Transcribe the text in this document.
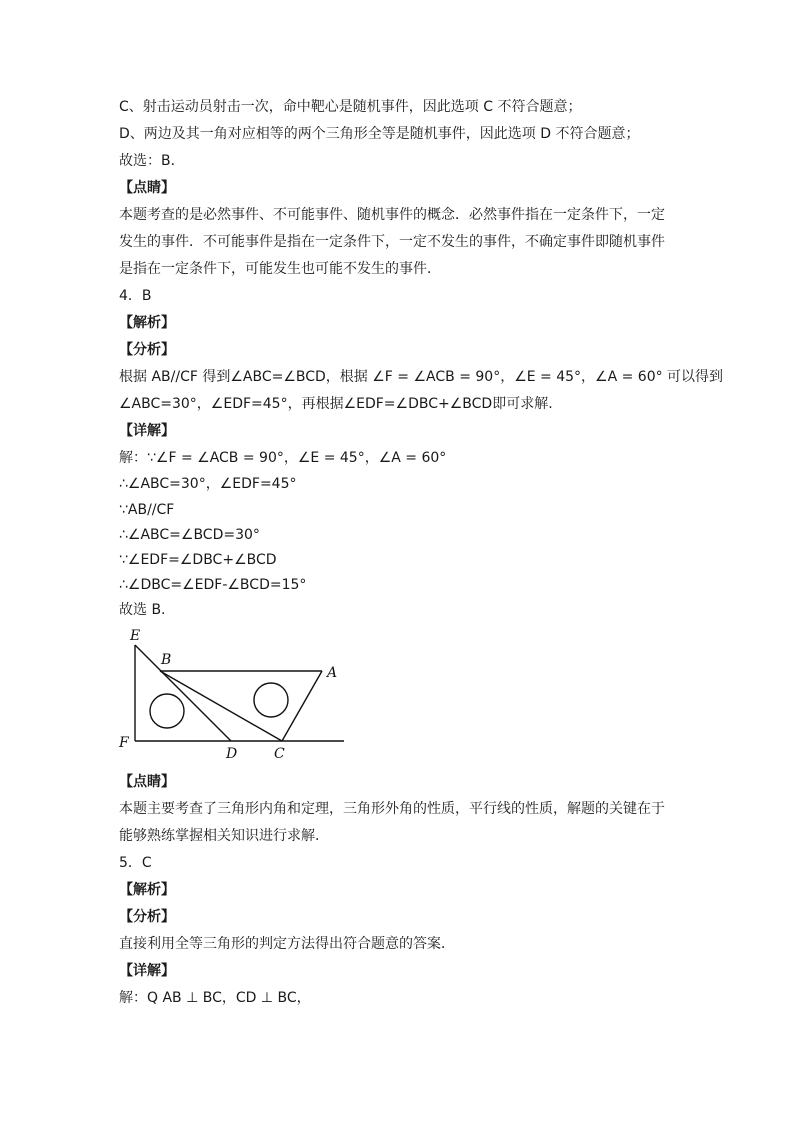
C、射击运动员射击一次，命中靶心是随机事件，因此选项 C 不符合题意；
D、两边及其一角对应相等的两个三角形全等是随机事件，因此选项 D 不符合题意；
故选：B．
【点睛】
本题考查的是必然事件、不可能事件、随机事件的概念．必然事件指在一定条件下，一定
发生的事件．不可能事件是指在一定条件下，一定不发生的事件，不确定事件即随机事件
是指在一定条件下，可能发生也可能不发生的事件．
4．B
【解析】
【分析】
根据 AB//CF 得到∠ABC=∠BCD，根据 ∠F = ∠ACB = 90°，∠E = 45°，∠A = 60° 可以得到
∠ABC=30°，∠EDF=45°，再根据∠EDF=∠DBC+∠BCD即可求解.
【详解】
解：∵∠F = ∠ACB = 90°，∠E = 45°，∠A = 60°
∴∠ABC=30°，∠EDF=45°
∵AB//CF
∴∠ABC=∠BCD=30°
∵∠EDF=∠DBC+∠BCD
∴∠DBC=∠EDF-∠BCD=15°
故选 B.
E
B
A
F
D	C
【点睛】
本题主要考查了三角形内角和定理，三角形外角的性质，平行线的性质，解题的关键在于
能够熟练掌握相关知识进行求解.
5．C
【解析】
【分析】
直接利用全等三角形的判定方法得出符合题意的答案．
【详解】
解：Q AB ⊥ BC，CD ⊥ BC，
